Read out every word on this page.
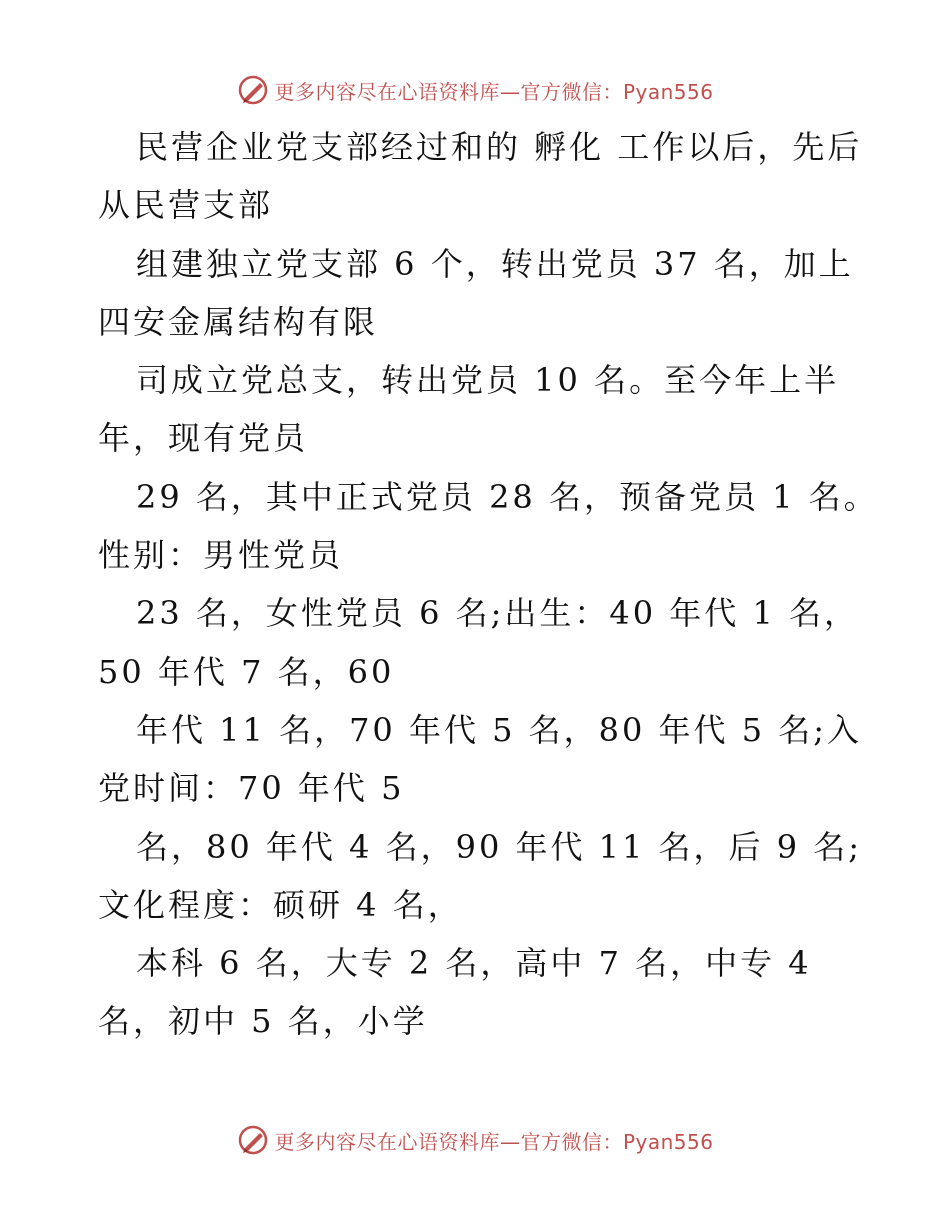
更多内容尽在心语资料库—官方微信：Pyan556
民营企业党支部经过和的 孵化 工作以后，先后
从民营支部
组建独立党支部 6 个，转出党员 37 名，加上
四安金属结构有限
司成立党总支，转出党员 10 名。至今年上半
年，现有党员
29 名，其中正式党员 28 名，预备党员 1 名。
性别：男性党员
23 名，女性党员 6 名;出生：40 年代 1 名，
50 年代 7 名，60
年代 11 名，70 年代 5 名，80 年代 5 名;入
党时间：70 年代 5
名，80 年代 4 名，90 年代 11 名，后 9 名;
文化程度：硕研 4 名，
本科 6 名，大专 2 名，高中 7 名，中专 4
名，初中 5 名，小学
更多内容尽在心语资料库—官方微信：Pyan556
